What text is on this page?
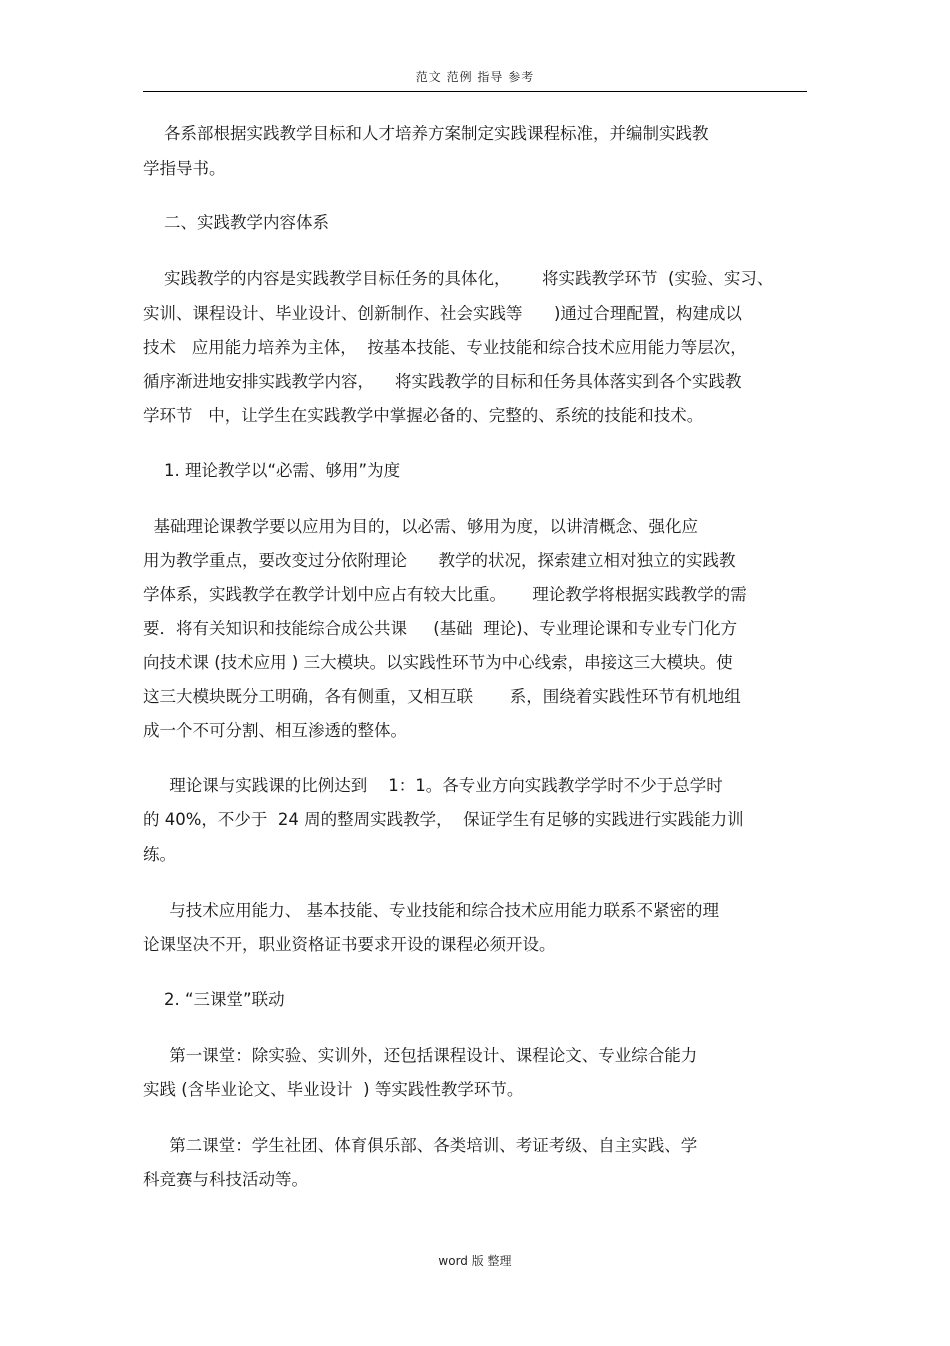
范文 范例 指导 参考
各系部根据实践教学目标和人才培养方案制定实践课程标准，并编制实践教
学指导书。
二、实践教学内容体系
实践教学的内容是实践教学目标任务的具体化，      将实践教学环节  (实验、实习、
实训、课程设计、毕业设计、创新制作、社会实践等      )通过合理配置，构建成以
技术   应用能力培养为主体，  按基本技能、专业技能和综合技术应用能力等层次，
循序渐进地安排实践教学内容，    将实践教学的目标和任务具体落实到各个实践教
学环节   中，让学生在实践教学中掌握必备的、完整的、系统的技能和技术。
1. 理论教学以“必需、够用”为度
基础理论课教学要以应用为目的，以必需、够用为度，以讲清概念、强化应
用为教学重点，要改变过分依附理论      教学的状况，探索建立相对独立的实践教
学体系，实践教学在教学计划中应占有较大比重。     理论教学将根据实践教学的需
要．将有关知识和技能综合成公共课     (基础  理论)、专业理论课和专业专门化方
向技术课 (技术应用 ) 三大模块。以实践性环节为中心线索，串接这三大模块。使
这三大模块既分工明确，各有侧重，又相互联       系，围绕着实践性环节有机地组
成一个不可分割、相互渗透的整体。
理论课与实践课的比例达到    1：1。各专业方向实践教学学时不少于总学时
的 40%，不少于  24 周的整周实践教学，  保证学生有足够的实践进行实践能力训
练。
与技术应用能力、 基本技能、专业技能和综合技术应用能力联系不紧密的理
论课坚决不开，职业资格证书要求开设的课程必须开设。
2. “三课堂”联动
第一课堂：除实验、实训外，还包括课程设计、课程论文、专业综合能力
实践 (含毕业论文、毕业设计  ) 等实践性教学环节。
第二课堂：学生社团、体育俱乐部、各类培训、考证考级、自主实践、学
科竞赛与科技活动等。
word 版 整理
